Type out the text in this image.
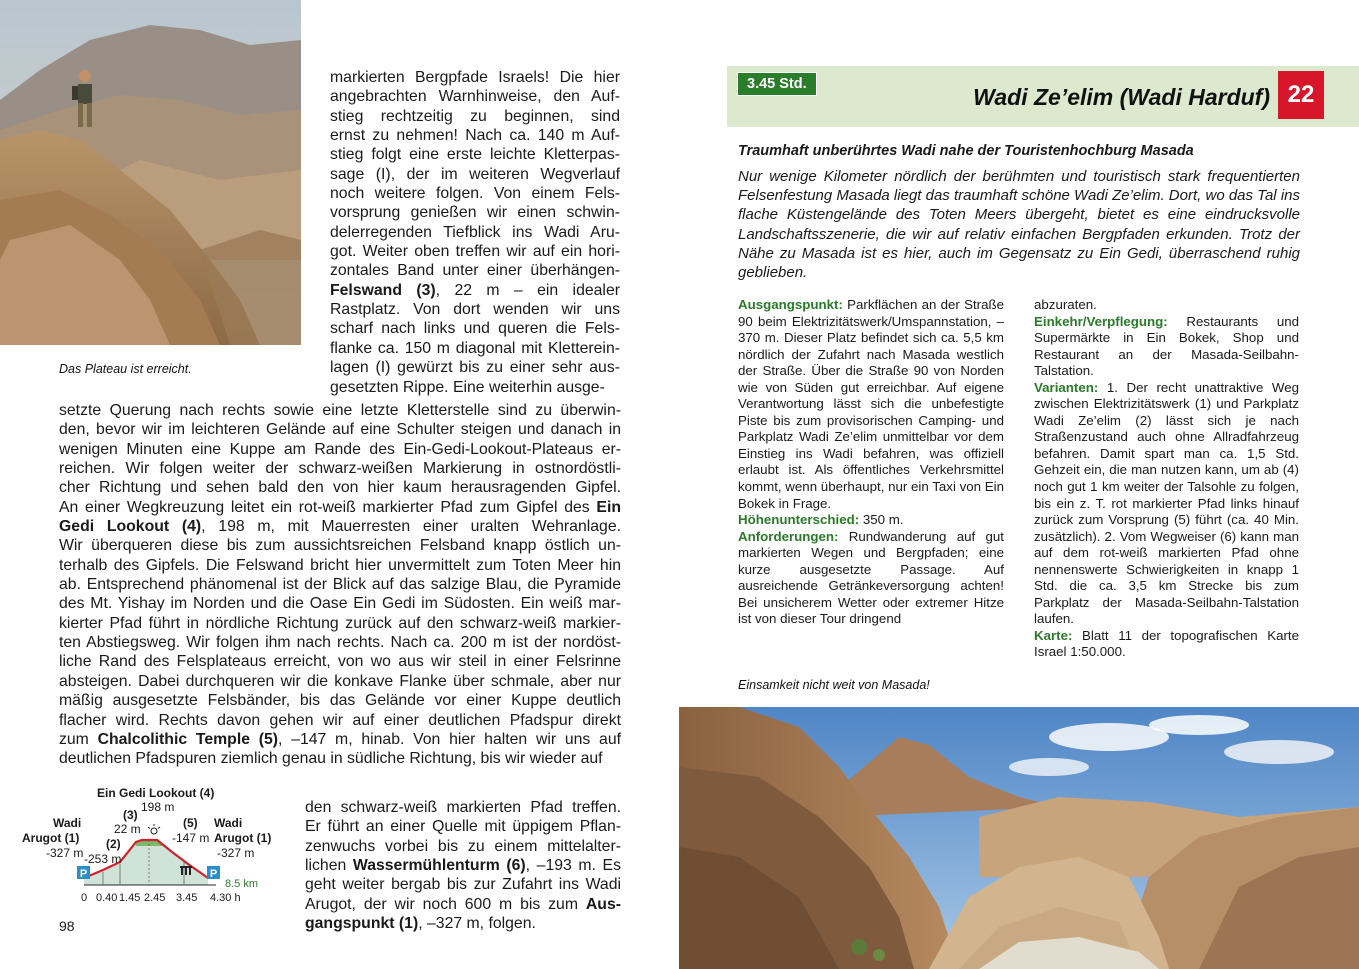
Das Plateau ist erreicht.
markierten Bergpfade Israels! Die hier
angebrachten Warnhinweise, den Auf-
stieg rechtzeitig zu beginnen, sind
ernst zu nehmen! Nach ca. 140 m Auf-
stieg folgt eine erste leichte Kletterpas-
sage (I), der im weiteren Wegverlauf
noch weitere folgen. Von einem Fels-
vorsprung genießen wir einen schwin-
delerregenden Tiefblick ins Wadi Aru-
got. Weiter oben treffen wir auf ein hori-
zontales Band unter einer überhängen-
Felswand (3), 22 m – ein idealer
Rastplatz. Von dort wenden wir uns
scharf nach links und queren die Fels-
flanke ca. 150 m diagonal mit Kletterein-
lagen (I) gewürzt bis zu einer sehr aus-
gesetzten Rippe. Eine weiterhin ausge-
setzte Querung nach rechts sowie eine letzte Kletterstelle sind zu überwin-
den, bevor wir im leichteren Gelände auf eine Schulter steigen und danach in
wenigen Minuten eine Kuppe am Rande des Ein-Gedi-Lookout-Plateaus er-
reichen. Wir folgen weiter der schwarz-weißen Markierung in ostnordöstli-
cher Richtung und sehen bald den von hier kaum herausragenden Gipfel.
An einer Wegkreuzung leitet ein rot-weiß markierter Pfad zum Gipfel des Ein
Gedi Lookout (4), 198 m, mit Mauerresten einer uralten Wehranlage.
Wir überqueren diese bis zum aussichtsreichen Felsband knapp östlich un-
terhalb des Gipfels. Die Felswand bricht hier unvermittelt zum Toten Meer hin
ab. Entsprechend phänomenal ist der Blick auf das salzige Blau, die Pyramide
des Mt. Yishay im Norden und die Oase Ein Gedi im Südosten. Ein weiß mar-
kierter Pfad führt in nördliche Richtung zurück auf den schwarz-weiß markier-
ten Abstiegsweg. Wir folgen ihm nach rechts. Nach ca. 200 m ist der nordöst-
liche Rand des Felsplateaus erreicht, von wo aus wir steil in einer Felsrinne
absteigen. Dabei durchqueren wir die konkave Flanke über schmale, aber nur
mäßig ausgesetzte Felsbänder, bis das Gelände vor einer Kuppe deutlich
flacher wird. Rechts davon gehen wir auf einer deutlichen Pfadspur direkt
zum Chalcolithic Temple (5), –147 m, hinab. Von hier halten wir uns auf
deutlichen Pfadspuren ziemlich genau in südliche Richtung, bis wir wieder auf
den schwarz-weiß markierten Pfad treffen.
Er führt an einer Quelle mit üppigem Pflan-
zenwuchs vorbei bis zu einem mittelalter-
lichen Wassermühlenturm (6), –193 m. Es
geht weiter bergab bis zur Zufahrt ins Wadi
Arugot, der wir noch 600 m bis zum Aus-
gangspunkt (1), –327 m, folgen.
P	P
Ein Gedi Lookout (4)
198 m
(3)
22 m
(2)
-253 m
(5)
-147 m
Wadi
Arugot (1)
-327 m
Wadi
Arugot (1)
-327 m
8.5 km
0 0.40 1.45 2.45 3.45 4.30 h
98
3.45 Std.	Wadi Ze’elim (Wadi Harduf) 22
Traumhaft unberührtes Wadi nahe der Touristenhochburg Masada
Nur wenige Kilometer nördlich der berühmten und touristisch stark frequentierten Felsenfestung Masada liegt das traumhaft schöne Wadi Ze’elim. Dort, wo das Tal ins flache Küstengelände des Toten Meers übergeht, bietet es eine eindrucksvolle Landschaftsszenerie, die wir auf relativ einfachen Bergpfaden erkunden. Trotz der Nähe zu Masada ist es hier, auch im Gegensatz zu Ein Gedi, überraschend ruhig geblieben.
Ausgangspunkt: Parkflächen an der Straße 90 beim Elektrizitätswerk/Umspannstation, –370 m. Dieser Platz befindet sich ca. 5,5 km nördlich der Zufahrt nach Masada westlich der Straße. Über die Straße 90 von Norden wie von Süden gut erreichbar. Auf eigene Verantwortung lässt sich die unbefestigte Piste bis zum provisorischen Camping- und Parkplatz Wadi Ze’elim unmittelbar vor dem Einstieg ins Wadi befahren, was offiziell erlaubt ist. Als öffentliches Verkehrsmittel kommt, wenn überhaupt, nur ein Taxi von Ein Bokek in Frage.
Höhenunterschied: 350 m.
Anforderungen: Rundwanderung auf gut markierten Wegen und Bergpfaden; eine kurze ausgesetzte Passage. Auf ausreichende Getränkeversorgung achten! Bei unsicherem Wetter oder extremer Hitze ist von dieser Tour dringend
abzuraten.
Einkehr/Verpflegung: Restaurants und Supermärkte in Ein Bokek, Shop und Restaurant an der Masada-Seilbahn-Talstation.
Varianten: 1. Der recht unattraktive Weg zwischen Elektrizitätswerk (1) und Parkplatz Wadi Ze’elim (2) lässt sich je nach Straßenzustand auch ohne Allradfahrzeug befahren. Damit spart man ca. 1,5 Std. Gehzeit ein, die man nutzen kann, um ab (4) noch gut 1 km weiter der Talsohle zu folgen, bis ein z. T. rot markierter Pfad links hinauf zurück zum Vorsprung (5) führt (ca. 40 Min. zusätzlich). 2. Vom Wegweiser (6) kann man auf dem rot-weiß markierten Pfad ohne nennenswerte Schwierigkeiten in knapp 1 Std. die ca. 3,5 km Strecke bis zum Parkplatz der Masada-Seilbahn-Talstation laufen.
Karte: Blatt 11 der topografischen Karte Israel 1:50.000.
Einsamkeit nicht weit von Masada!
